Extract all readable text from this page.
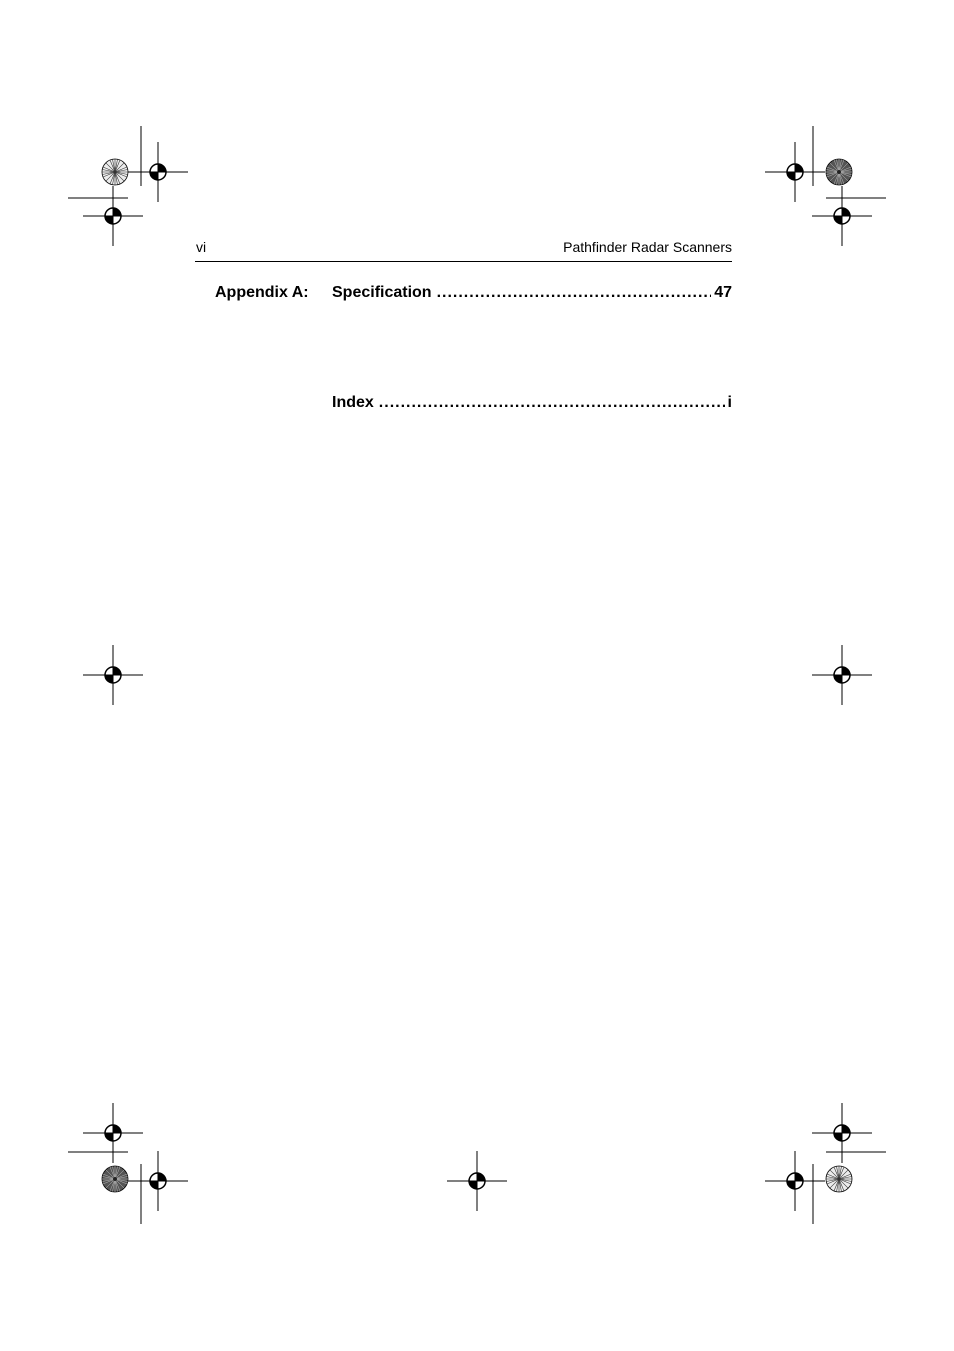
vi	Pathfinder Radar Scanners
Appendix A: Specification .....	47
Index .....	i
